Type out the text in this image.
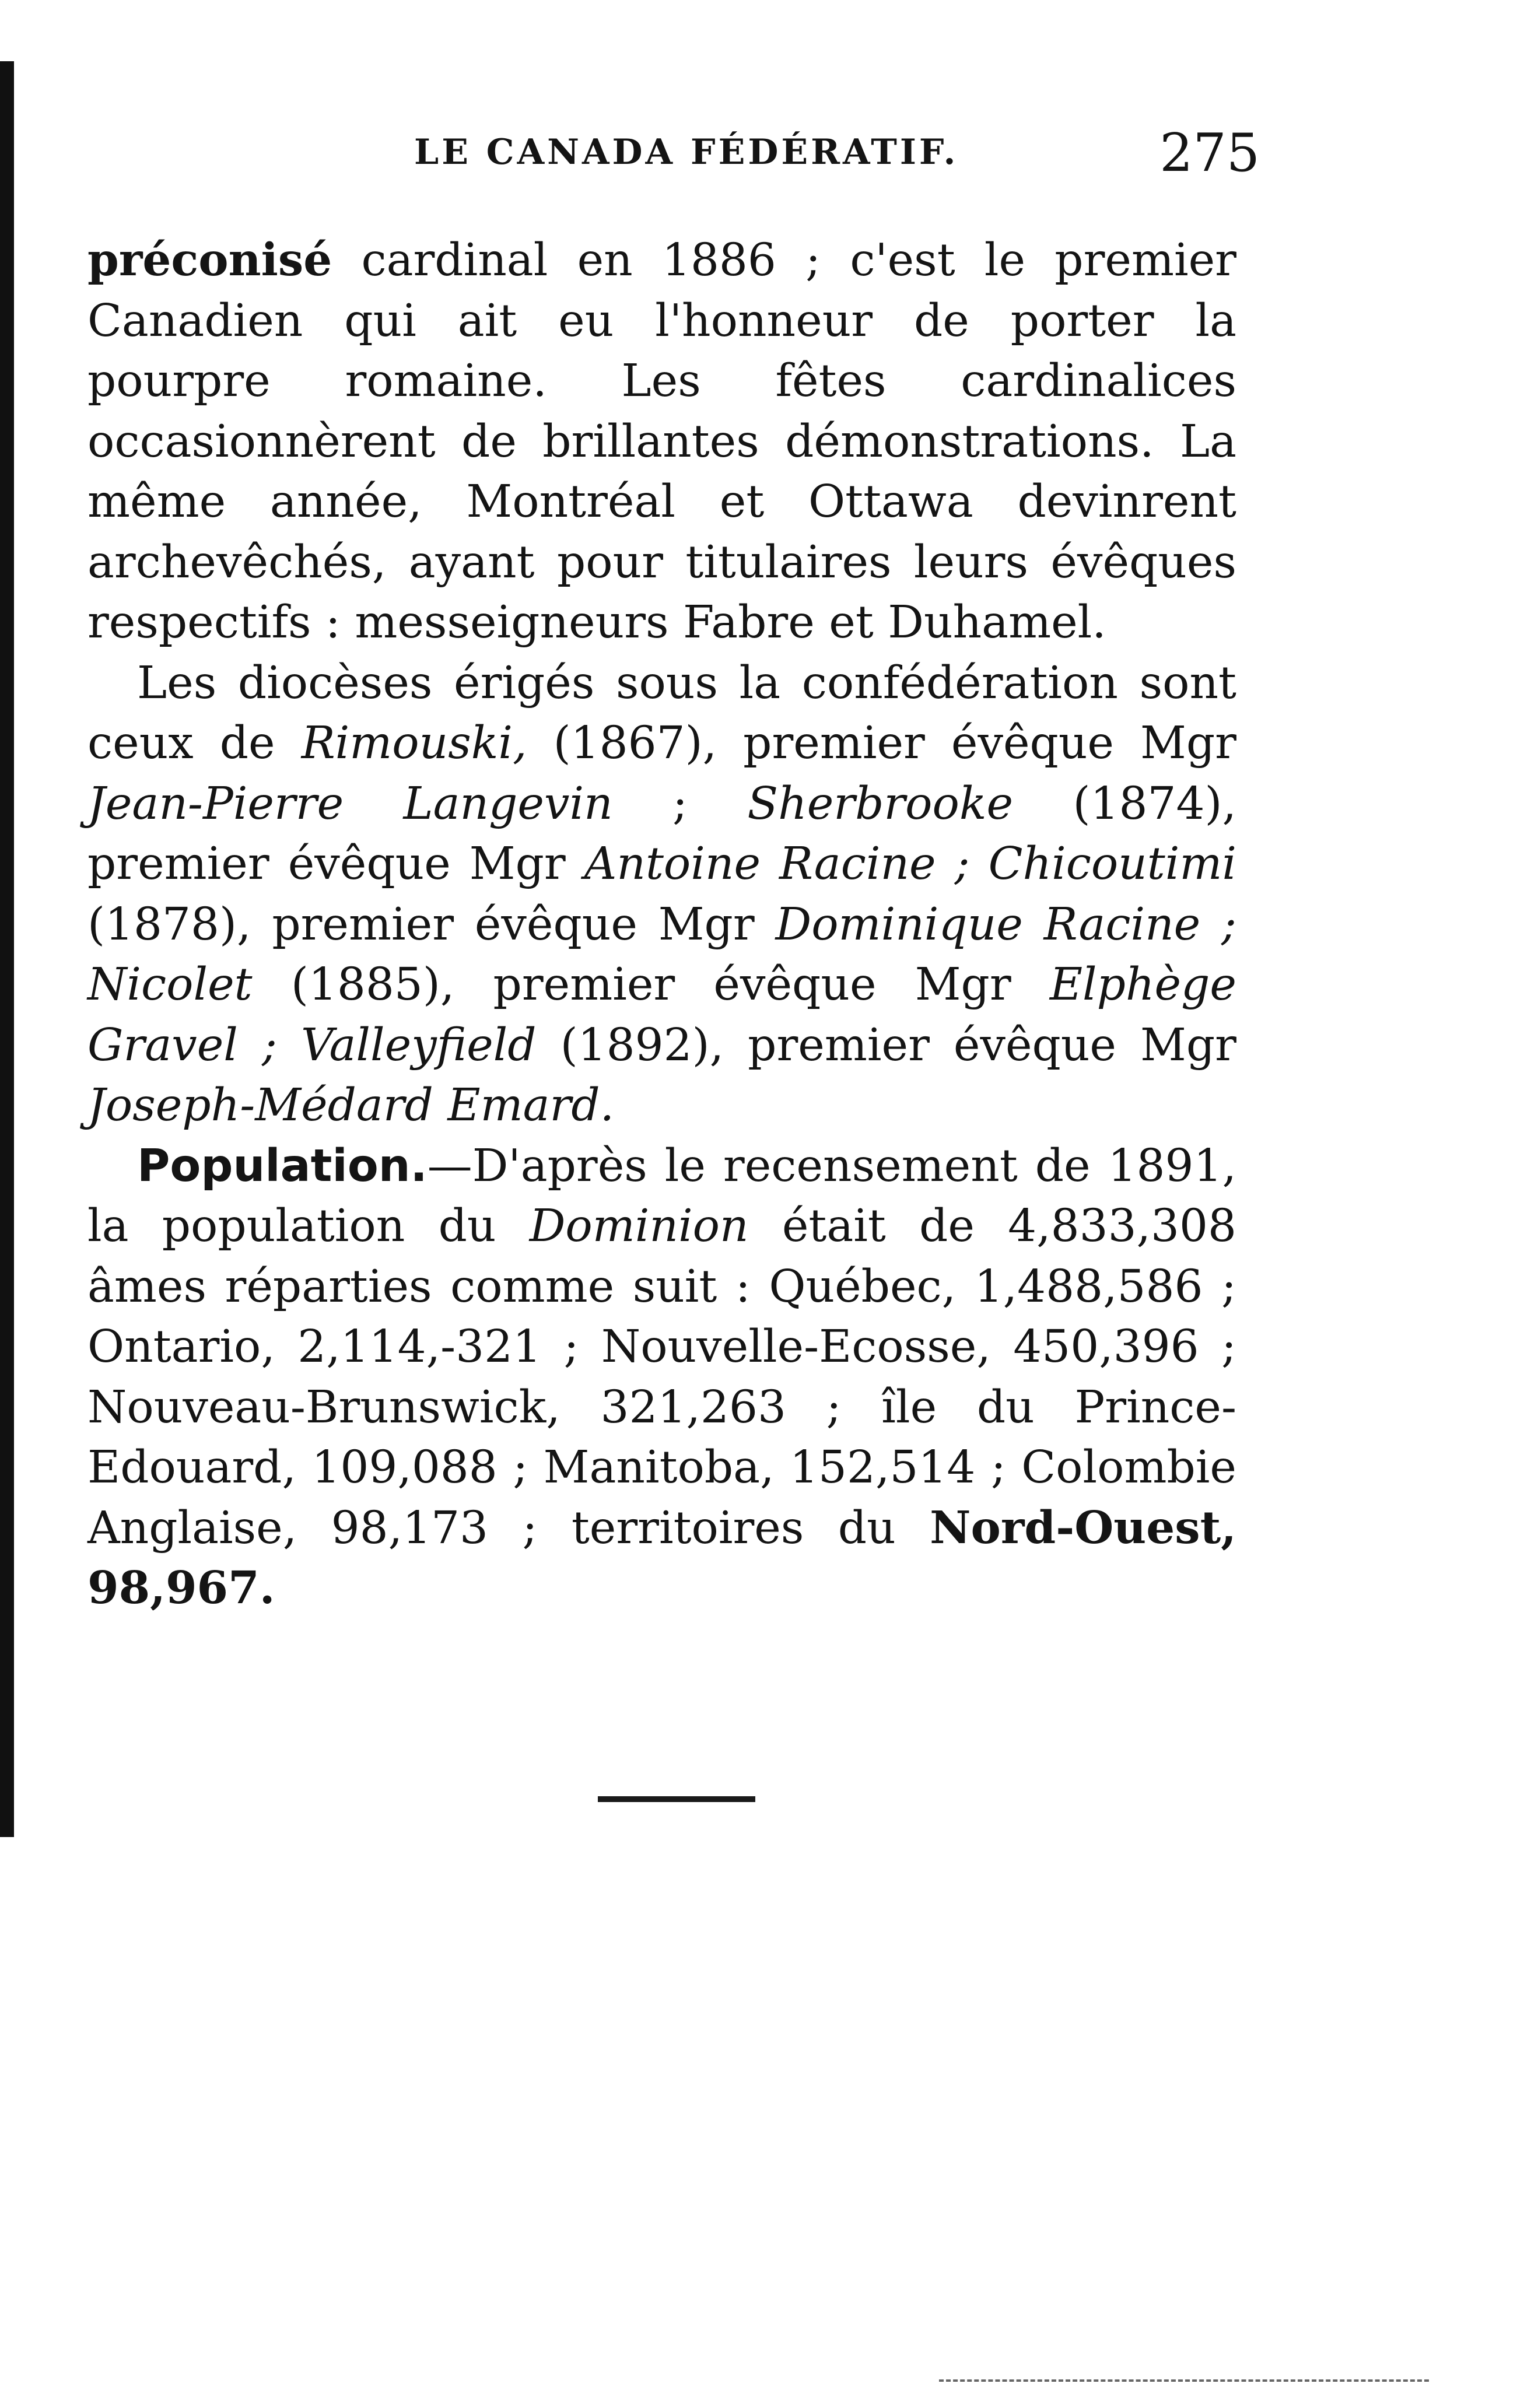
LE CANADA FÉDÉRATIF.	275

préconisé cardinal en 1886 ; c'est le premier Canadien qui ait eu l'honneur de porter la pourpre romaine. Les fêtes cardinalices occasionnèrent de brillantes démonstrations. La même année, Montréal et Ottawa devinrent archevêchés, ayant pour titulaires leurs évêques respectifs : messeigneurs Fabre et Duhamel.

Les diocèses érigés sous la confédération sont ceux de Rimouski, (1867), premier évêque Mgr Jean-Pierre Langevin ; Sherbrooke (1874), premier évêque Mgr Antoine Racine ; Chicoutimi (1878), premier évêque Mgr Dominique Racine ; Nicolet (1885), premier évêque Mgr Elphège Gravel ; Valleyfield (1892), premier évêque Mgr Joseph-Médard Emard.

Population.—D'après le recensement de 1891, la population du Dominion était de 4,833,308 âmes réparties comme suit : Québec, 1,488,586 ; Ontario, 2,114,-321 ; Nouvelle-Ecosse, 450,396 ; Nouveau-Brunswick, 321,263 ; île du Prince-Edouard, 109,088 ; Manitoba, 152,514 ; Colombie Anglaise, 98,173 ; territoires du Nord-Ouest, 98,967.
